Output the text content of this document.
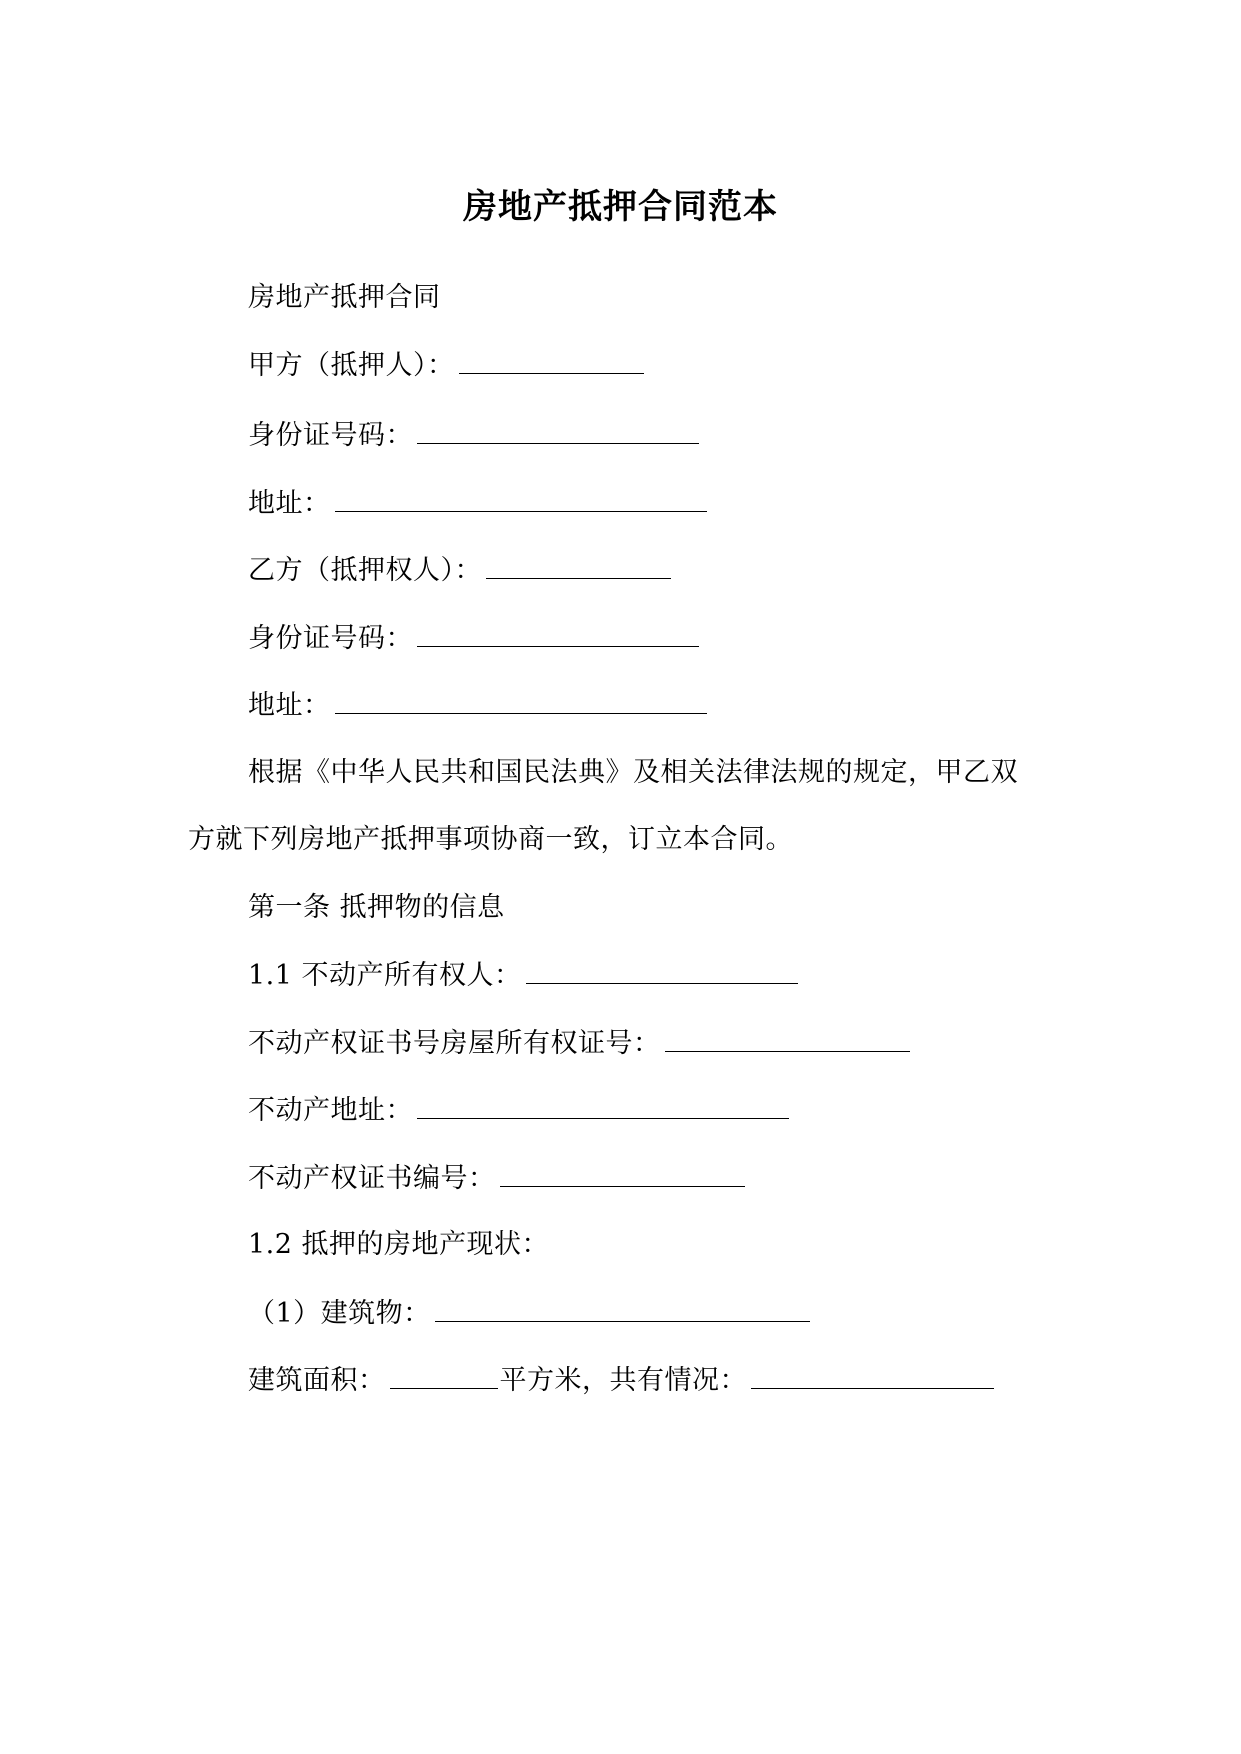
房地产抵押合同范本
房地产抵押合同
甲方（抵押人）：
身份证号码：
地址：
乙方（抵押权人）：
身份证号码：
地址：
根据《中华人民共和国民法典》及相关法律法规的规定，甲乙双
方就下列房地产抵押事项协商一致，订立本合同。
第一条 抵押物的信息
1.1 不动产所有权人：
不动产权证书号房屋所有权证号：
不动产地址：
不动产权证书编号：
1.2 抵押的房地产现状：
（1）建筑物：
建筑面积：	平方米，共有情况：
